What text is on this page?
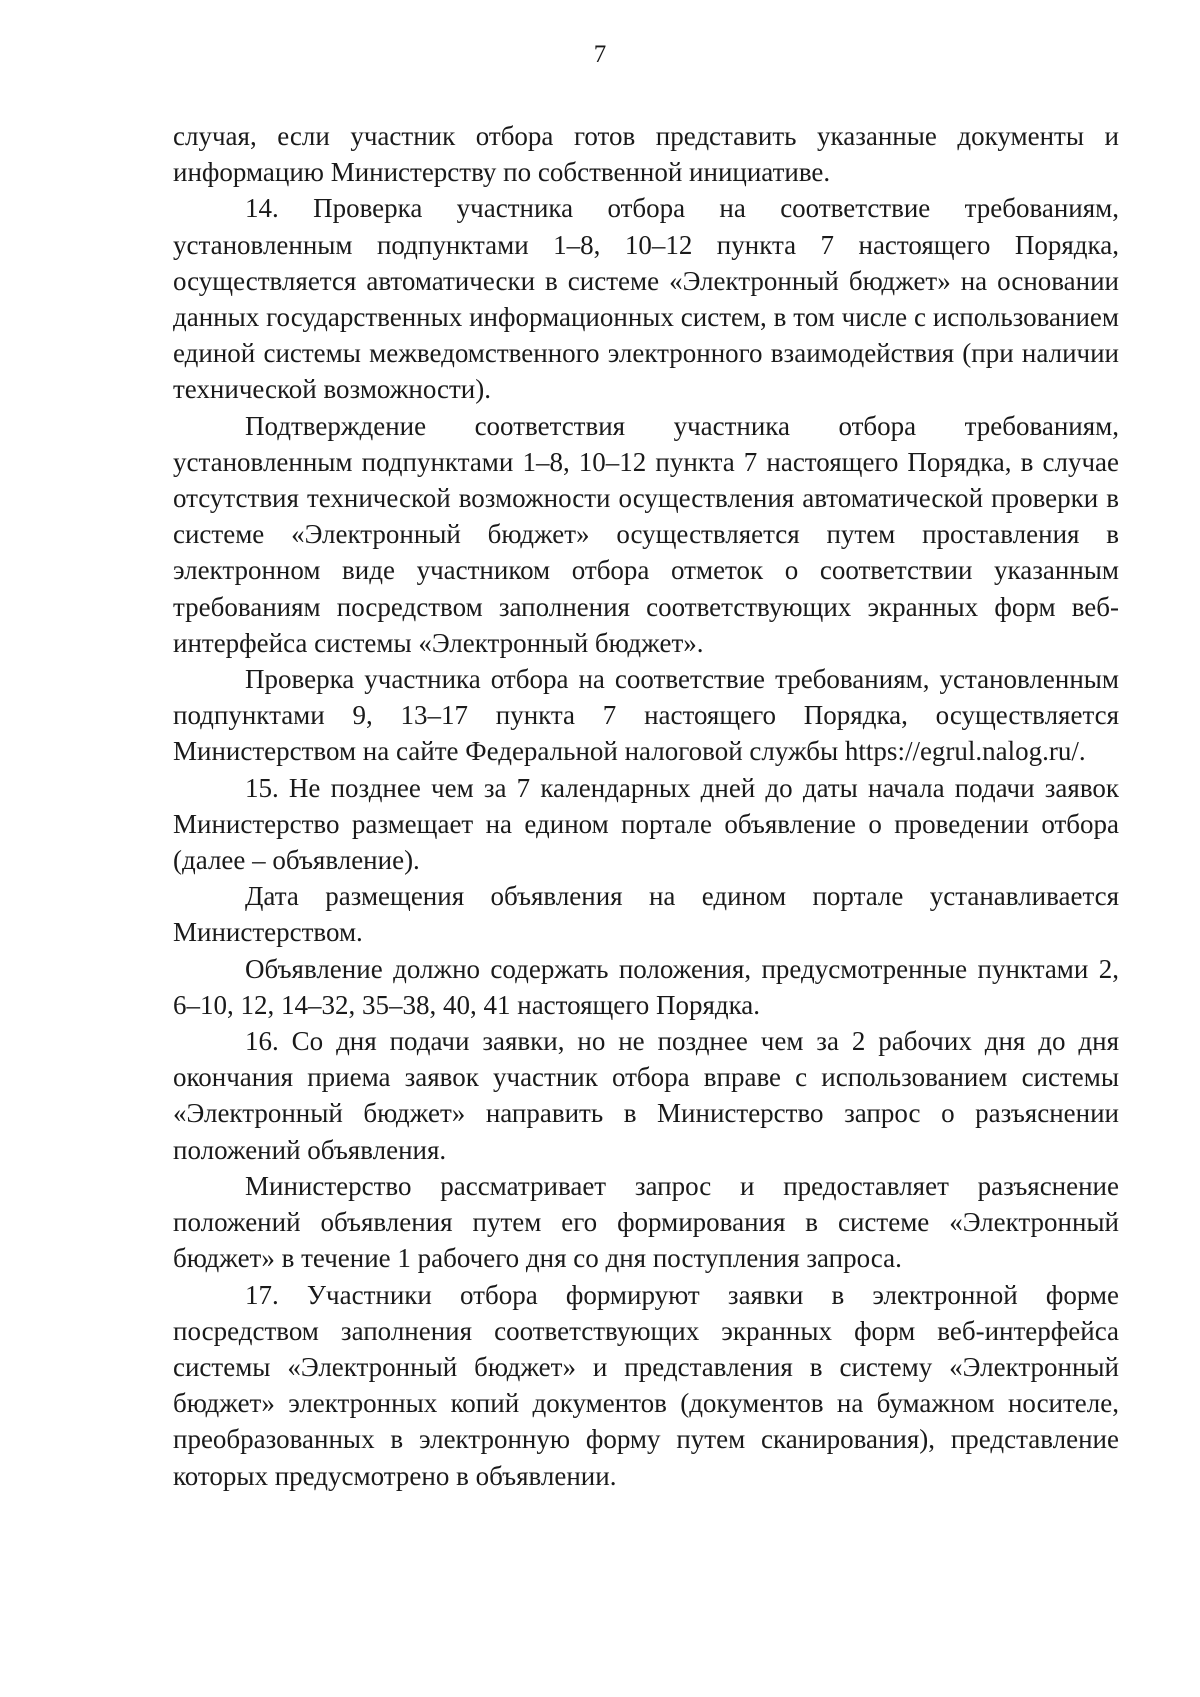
7

случая, если участник отбора готов представить указанные документы и информацию Министерству по собственной инициативе.

14. Проверка участника отбора на соответствие требованиям, установленным подпунктами 1–8, 10–12 пункта 7 настоящего Порядка, осуществляется автоматически в системе «Электронный бюджет» на основании данных государственных информационных систем, в том числе с использованием единой системы межведомственного электронного взаимодействия (при наличии технической возможности).

Подтверждение соответствия участника отбора требованиям, установленным подпунктами 1–8, 10–12 пункта 7 настоящего Порядка, в случае отсутствия технической возможности осуществления автоматической проверки в системе «Электронный бюджет» осуществляется путем проставления в электронном виде участником отбора отметок о соответствии указанным требованиям посредством заполнения соответствующих экранных форм веб-интерфейса системы «Электронный бюджет».

Проверка участника отбора на соответствие требованиям, установленным подпунктами 9, 13–17 пункта 7 настоящего Порядка, осуществляется Министерством на сайте Федеральной налоговой службы https://egrul.nalog.ru/.

15. Не позднее чем за 7 календарных дней до даты начала подачи заявок Министерство размещает на едином портале объявление о проведении отбора (далее – объявление).

Дата размещения объявления на едином портале устанавливается Министерством.

Объявление должно содержать положения, предусмотренные пунктами 2, 6–10, 12, 14–32, 35–38, 40, 41 настоящего Порядка.

16. Со дня подачи заявки, но не позднее чем за 2 рабочих дня до дня окончания приема заявок участник отбора вправе с использованием системы «Электронный бюджет» направить в Министерство запрос о разъяснении положений объявления.

Министерство рассматривает запрос и предоставляет разъяснение положений объявления путем его формирования в системе «Электронный бюджет» в течение 1 рабочего дня со дня поступления запроса.

17. Участники отбора формируют заявки в электронной форме посредством заполнения соответствующих экранных форм веб-интерфейса системы «Электронный бюджет» и представления в систему «Электронный бюджет» электронных копий документов (документов на бумажном носителе, преобразованных в электронную форму путем сканирования), представление которых предусмотрено в объявлении.
